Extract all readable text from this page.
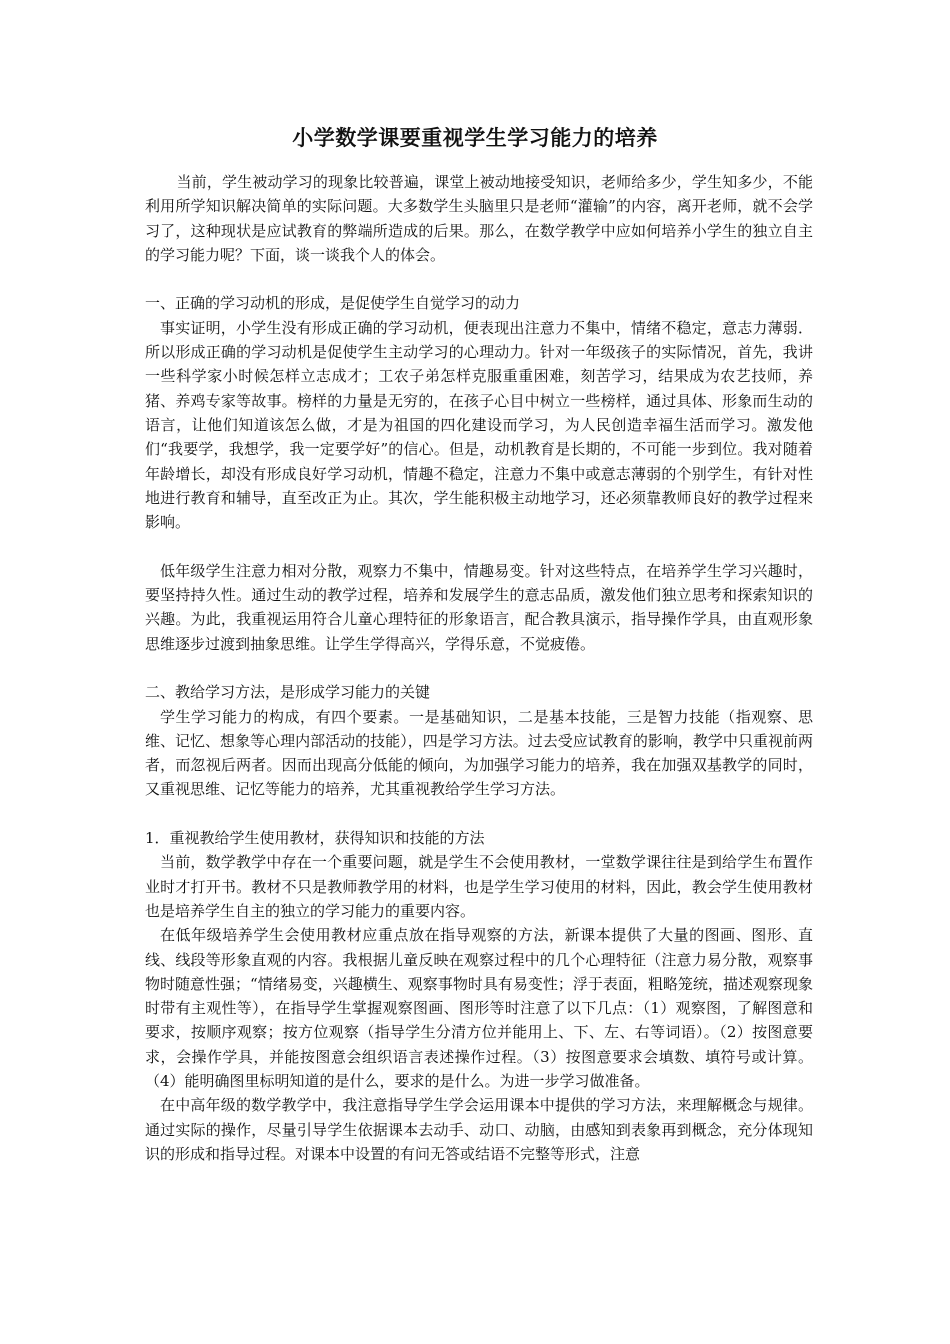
小学数学课要重视学生学习能力的培养

当前，学生被动学习的现象比较普遍，课堂上被动地接受知识，老师给多少，学生知多少，不能利用所学知识解决简单的实际问题。大多数学生头脑里只是老师“灌输”的内容，离开老师，就不会学习了，这种现状是应试教育的弊端所造成的后果。那么，在数学教学中应如何培养小学生的独立自主的学习能力呢？下面，谈一谈我个人的体会。

一、正确的学习动机的形成，是促使学生自觉学习的动力

事实证明，小学生没有形成正确的学习动机，便表现出注意力不集中，情绪不稳定，意志力薄弱．所以形成正确的学习动机是促使学生主动学习的心理动力。针对一年级孩子的实际情况，首先，我讲一些科学家小时候怎样立志成才；工农子弟怎样克服重重困难，刻苦学习，结果成为农艺技师，养猪、养鸡专家等故事。榜样的力量是无穷的，在孩子心目中树立一些榜样，通过具体、形象而生动的语言，让他们知道该怎么做，才是为祖国的四化建设而学习，为人民创造幸福生活而学习。激发他们“我要学，我想学，我一定要学好”的信心。但是，动机教育是长期的，不可能一步到位。我对随着年龄增长，却没有形成良好学习动机，情趣不稳定，注意力不集中或意志薄弱的个别学生，有针对性地进行教育和辅导，直至改正为止。其次，学生能积极主动地学习，还必须靠教师良好的教学过程来影响。

低年级学生注意力相对分散，观察力不集中，情趣易变。针对这些特点，在培养学生学习兴趣时，要坚持持久性。通过生动的教学过程，培养和发展学生的意志品质，激发他们独立思考和探索知识的兴趣。为此，我重视运用符合儿童心理特征的形象语言，配合教具演示，指导操作学具，由直观形象思维逐步过渡到抽象思维。让学生学得高兴，学得乐意，不觉疲倦。

二、教给学习方法，是形成学习能力的关键

学生学习能力的构成，有四个要素。一是基础知识，二是基本技能，三是智力技能（指观察、思维、记忆、想象等心理内部活动的技能），四是学习方法。过去受应试教育的影响，教学中只重视前两者，而忽视后两者。因而出现高分低能的倾向，为加强学习能力的培养，我在加强双基教学的同时，又重视思维、记忆等能力的培养，尤其重视教给学生学习方法。

1．重视教给学生使用教材，获得知识和技能的方法

当前，数学教学中存在一个重要问题，就是学生不会使用教材，一堂数学课往往是到给学生布置作业时才打开书。教材不只是教师教学用的材料，也是学生学习使用的材料，因此，教会学生使用教材也是培养学生自主的独立的学习能力的重要内容。

在低年级培养学生会使用教材应重点放在指导观察的方法，新课本提供了大量的图画、图形、直线、线段等形象直观的内容。我根据儿童反映在观察过程中的几个心理特征（注意力易分散，观察事物时随意性强；“情绪易变，兴趣横生、观察事物时具有易变性；浮于表面，粗略笼统，描述观察现象时带有主观性等），在指导学生掌握观察图画、图形等时注意了以下几点：（1）观察图，了解图意和要求，按顺序观察；按方位观察（指导学生分清方位并能用上、下、左、右等词语）。（2）按图意要求，会操作学具，并能按图意会组织语言表述操作过程。（3）按图意要求会填数、填符号或计算。（4）能明确图里标明知道的是什么，要求的是什么。为进一步学习做准备。

在中高年级的数学教学中，我注意指导学生学会运用课本中提供的学习方法，来理解概念与规律。通过实际的操作，尽量引导学生依据课本去动手、动口、动脑，由感知到表象再到概念，充分体现知识的形成和指导过程。对课本中设置的有问无答或结语不完整等形式，注意
